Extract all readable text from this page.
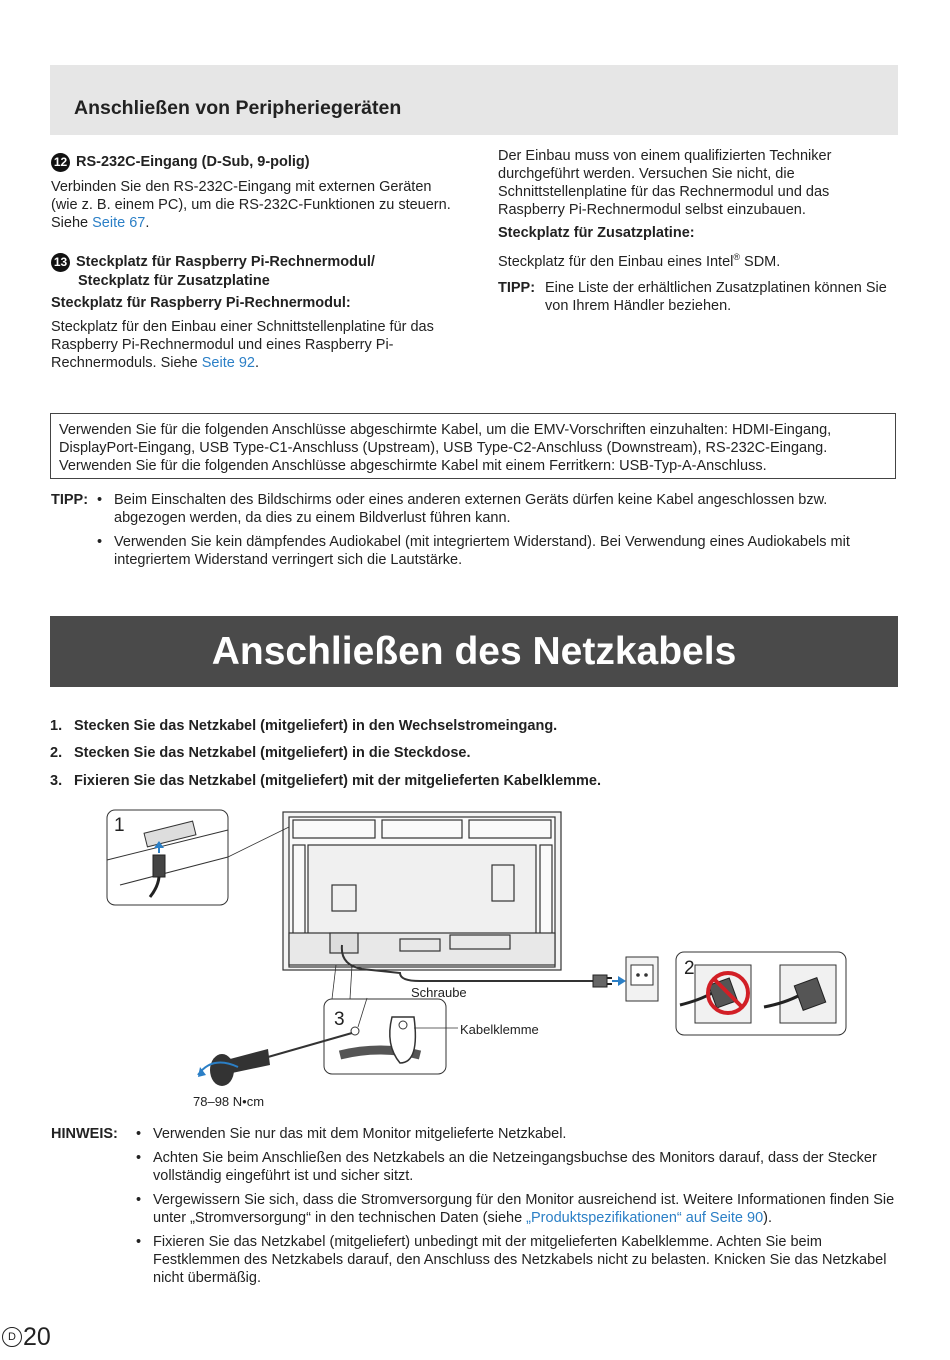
Anschließen von Peripheriegeräten
12 RS-232C-Eingang (D-Sub, 9-polig)

Verbinden Sie den RS-232C-Eingang mit externen Geräten (wie z. B. einem PC), um die RS-232C-Funktionen zu steuern. Siehe Seite 67.

13 Steckplatz für Raspberry Pi-Rechnermodul/
Steckplatz für Zusatzplatine
Steckplatz für Raspberry Pi-Rechnermodul:

Steckplatz für den Einbau einer Schnittstellenplatine für das Raspberry Pi-Rechnermodul und eines Raspberry Pi-Rechnermoduls. Siehe Seite 92.

Der Einbau muss von einem qualifizierten Techniker durchgeführt werden. Versuchen Sie nicht, die Schnittstellenplatine für das Rechnermodul und das Raspberry Pi-Rechnermodul selbst einzubauen.

Steckplatz für Zusatzplatine:

Steckplatz für den Einbau eines Intel® SDM.

TIPP: Eine Liste der erhältlichen Zusatzplatinen können Sie von Ihrem Händler beziehen.

Verwenden Sie für die folgenden Anschlüsse abgeschirmte Kabel, um die EMV-Vorschriften einzuhalten: HDMI-Eingang, DisplayPort-Eingang, USB Type-C1-Anschluss (Upstream), USB Type-C2-Anschluss (Downstream), RS-232C-Eingang.

Verwenden Sie für die folgenden Anschlüsse abgeschirmte Kabel mit einem Ferritkern: USB-Typ-A-Anschluss.

TIPP:	• Beim Einschalten des Bildschirms oder eines anderen externen Geräts dürfen keine Kabel angeschlossen bzw. abgezogen werden, da dies zu einem Bildverlust führen kann.
• Verwenden Sie kein dämpfendes Audiokabel (mit integriertem Widerstand). Bei Verwendung eines Audiokabels mit integriertem Widerstand verringert sich die Lautstärke.
Anschließen des Netzkabels
1. Stecken Sie das Netzkabel (mitgeliefert) in den Wechselstromeingang.
2. Stecken Sie das Netzkabel (mitgeliefert) in die Steckdose.
3. Fixieren Sie das Netzkabel (mitgeliefert) mit der mitgelieferten Kabelklemme.
1
2
3
Schraube
Kabelklemme
78–98 N•cm
HINWEIS:	• Verwenden Sie nur das mit dem Monitor mitgelieferte Netzkabel.
• Achten Sie beim Anschließen des Netzkabels an die Netzeingangsbuchse des Monitors darauf, dass der Stecker vollständig eingeführt ist und sicher sitzt.
• Vergewissern Sie sich, dass die Stromversorgung für den Monitor ausreichend ist. Weitere Informationen finden Sie unter „Stromversorgung“ in den technischen Daten (siehe „Produktspezifikationen“ auf Seite 90).
• Fixieren Sie das Netzkabel (mitgeliefert) unbedingt mit der mitgelieferten Kabelklemme. Achten Sie beim Festklemmen des Netzkabels darauf, den Anschluss des Netzkabels nicht zu belasten. Knicken Sie das Netzkabel nicht übermäßig.
D 20
